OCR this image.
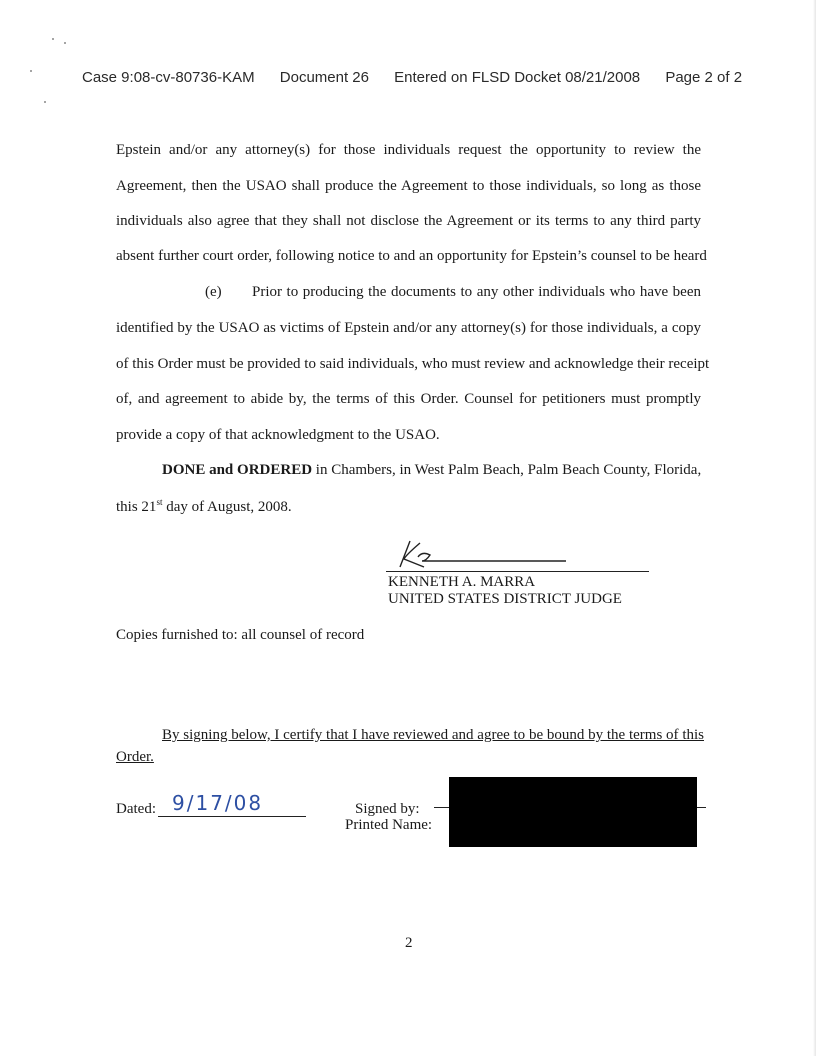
Case 9:08-cv-80736-KAM Document 26 Entered on FLSD Docket 08/21/2008 Page 2 of 2
Epstein and/or any attorney(s) for those individuals request the opportunity to review the
Agreement, then the USAO shall produce the Agreement to those individuals, so long as those
individuals also agree that they shall not disclose the Agreement or its terms to any third party
absent further court order, following notice to and an opportunity for Epstein’s counsel to be heard
(e) Prior to producing the documents to any other individuals who have been
identified by the USAO as victims of Epstein and/or any attorney(s) for those individuals, a copy
of this Order must be provided to said individuals, who must review and acknowledge their receipt
of, and agreement to abide by, the terms of this Order. Counsel for petitioners must promptly
provide a copy of that acknowledgment to the USAO.
DONE and ORDERED in Chambers, in West Palm Beach, Palm Beach County, Florida,
this 21st day of August, 2008.
KENNETH A. MARRA
UNITED STATES DISTRICT JUDGE
Copies furnished to: all counsel of record
By signing below, I certify that I have reviewed and agree to be bound by the terms of this
Order.
Dated: 9/17/08	Signed by:
Printed Name:
2
